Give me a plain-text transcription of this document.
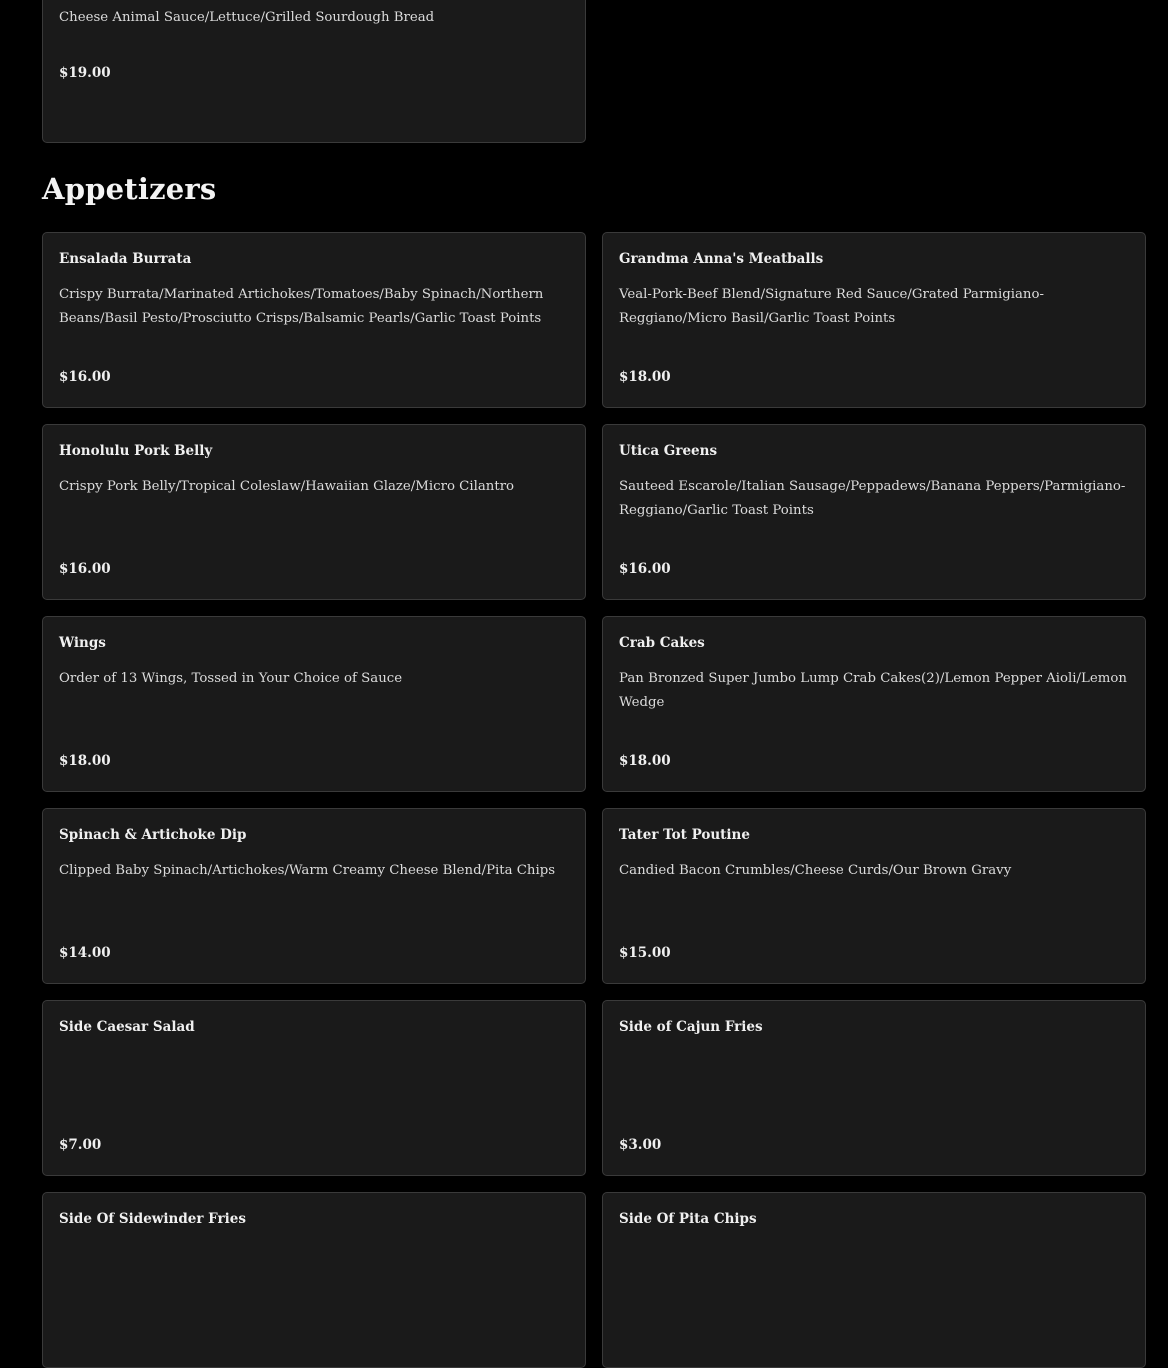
Cheese Animal Sauce/Lettuce/Grilled Sourdough Bread
$19.00
Appetizers
Ensalada Burrata
Crispy Burrata/Marinated Artichokes/Tomatoes/Baby Spinach/Northern Beans/Basil Pesto/Prosciutto Crisps/Balsamic Pearls/Garlic Toast Points
$16.00
Grandma Anna's Meatballs
Veal-Pork-Beef Blend/Signature Red Sauce/Grated Parmigiano-Reggiano/Micro Basil/Garlic Toast Points
$18.00
Honolulu Pork Belly
Crispy Pork Belly/Tropical Coleslaw/Hawaiian Glaze/Micro Cilantro
$16.00
Utica Greens
Sauteed Escarole/Italian Sausage/Peppadews/Banana Peppers/Parmigiano-Reggiano/Garlic Toast Points
$16.00
Wings
Order of 13 Wings, Tossed in Your Choice of Sauce
$18.00
Crab Cakes
Pan Bronzed Super Jumbo Lump Crab Cakes(2)/Lemon Pepper Aioli/Lemon Wedge
$18.00
Spinach & Artichoke Dip
Clipped Baby Spinach/Artichokes/Warm Creamy Cheese Blend/Pita Chips
$14.00
Tater Tot Poutine
Candied Bacon Crumbles/Cheese Curds/Our Brown Gravy
$15.00
Side Caesar Salad
$7.00
Side of Cajun Fries
$3.00
Side Of Sidewinder Fries	Side Of Pita Chips
